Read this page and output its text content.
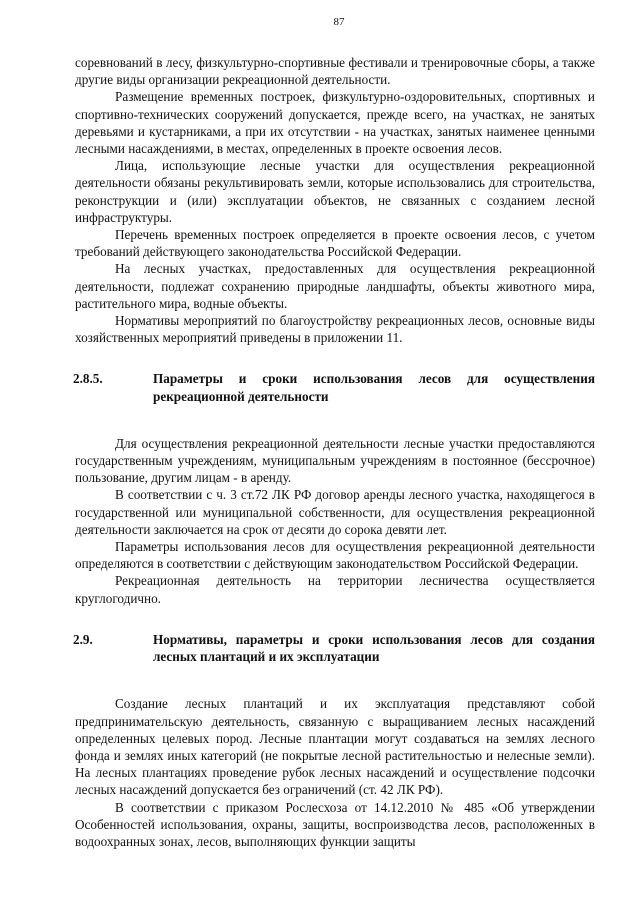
87

соревнований в лесу, физкультурно-спортивные фестивали и тренировочные сборы, а также другие виды организации рекреационной деятельности.

Размещение временных построек, физкультурно-оздоровительных, спортивных и спортивно-технических сооружений допускается, прежде всего, на участках, не занятых деревьями и кустарниками, а при их отсутствии - на участках, занятых наименее ценными лесными насаждениями, в местах, определенных в проекте освоения лесов.

Лица, использующие лесные участки для осуществления рекреационной деятельности обязаны рекультивировать земли, которые использовались для строительства, реконструкции и (или) эксплуатации объектов, не связанных с созданием лесной инфраструктуры.

Перечень временных построек определяется в проекте освоения лесов, с учетом требований действующего законодательства Российской Федерации.

На лесных участках, предоставленных для осуществления рекреационной деятельности, подлежат сохранению природные ландшафты, объекты животного мира, растительного мира, водные объекты.

Нормативы мероприятий по благоустройству рекреационных лесов, основные виды хозяйственных мероприятий приведены в приложении 11.

2.8.5.	Параметры и сроки использования лесов для осуществления рекреационной деятельности

Для осуществления рекреационной деятельности лесные участки предоставляются государственным учреждениям, муниципальным учреждениям в постоянное (бессрочное) пользование, другим лицам - в аренду.

В соответствии с ч. 3 ст.72 ЛК РФ договор аренды лесного участка, находящегося в государственной или муниципальной собственности, для осуществления рекреационной деятельности заключается на срок от десяти до сорока девяти лет.

Параметры использования лесов для осуществления рекреационной деятельности определяются в соответствии с действующим законодательством Российской Федерации.

Рекреационная деятельность на территории лесничества осуществляется круглогодично.

2.9.	Нормативы, параметры и сроки использования лесов для создания лесных плантаций и их эксплуатации

Создание лесных плантаций и их эксплуатация представляют собой предпринимательскую деятельность, связанную с выращиванием лесных насаждений определенных целевых пород. Лесные плантации могут создаваться на землях лесного фонда и землях иных категорий (не покрытые лесной растительностью и нелесные земли). На лесных плантациях проведение рубок лесных насаждений и осуществление подсочки лесных насаждений допускается без ограничений (ст. 42 ЛК РФ).

В соответствии с приказом Рослесхоза от 14.12.2010 № 485 «Об утверждении Особенностей использования, охраны, защиты, воспроизводства лесов, расположенных в водоохранных зонах, лесов, выполняющих функции защиты
